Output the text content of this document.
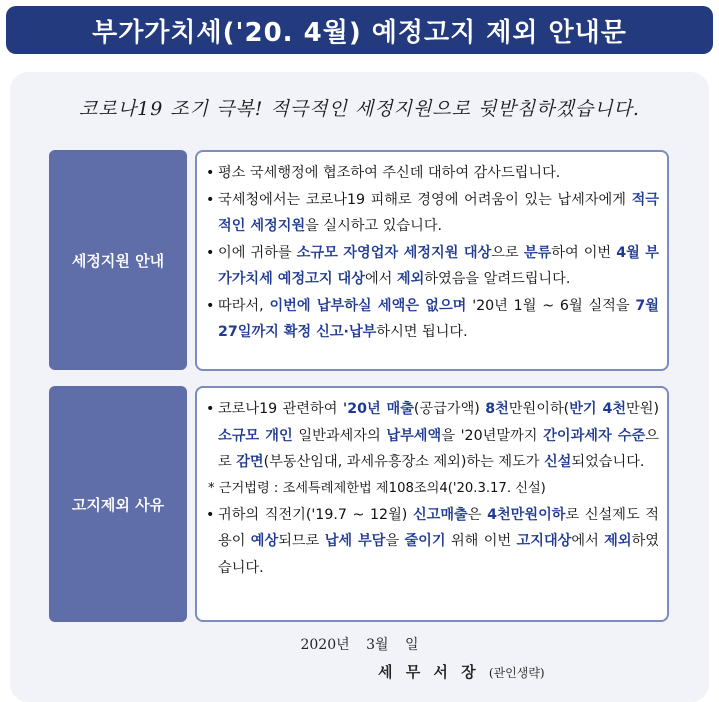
부가가치세('20. 4월) 예정고지 제외 안내문
코로나19 조기 극복! 적극적인 세정지원으로 뒷받침하겠습니다.
세정지원 안내
• 평소 국세행정에 협조하여 주신데 대하여 감사드립니다.
• 국세청에서는 코로나19 피해로 경영에 어려움이 있는 납세자에게 적극적인 세정지원을 실시하고 있습니다.
• 이에 귀하를 소규모 자영업자 세정지원 대상으로 분류하여 이번 4월 부가가치세 예정고지 대상에서 제외하였음을 알려드립니다.
• 따라서, 이번에 납부하실 세액은 없으며 '20년 1월 ~ 6월 실적을 7월 27일까지 확정 신고·납부하시면 됩니다.
고지제외 사유
• 코로나19 관련하여 '20년 매출(공급가액) 8천만원이하(반기 4천만원) 소규모 개인 일반과세자의 납부세액을 '20년말까지 간이과세자 수준으로 감면(부동산임대, 과세유흥장소 제외)하는 제도가 신설되었습니다.
* 근거법령 : 조세특례제한법 제108조의4('20.3.17. 신설)
• 귀하의 직전기('19.7 ~ 12월) 신고매출은 4천만원이하로 신설제도 적용이 예상되므로 납세 부담을 줄이기 위해 이번 고지대상에서 제외하였습니다.
2020년 3월 일
세 무 서 장 (관인생략)
